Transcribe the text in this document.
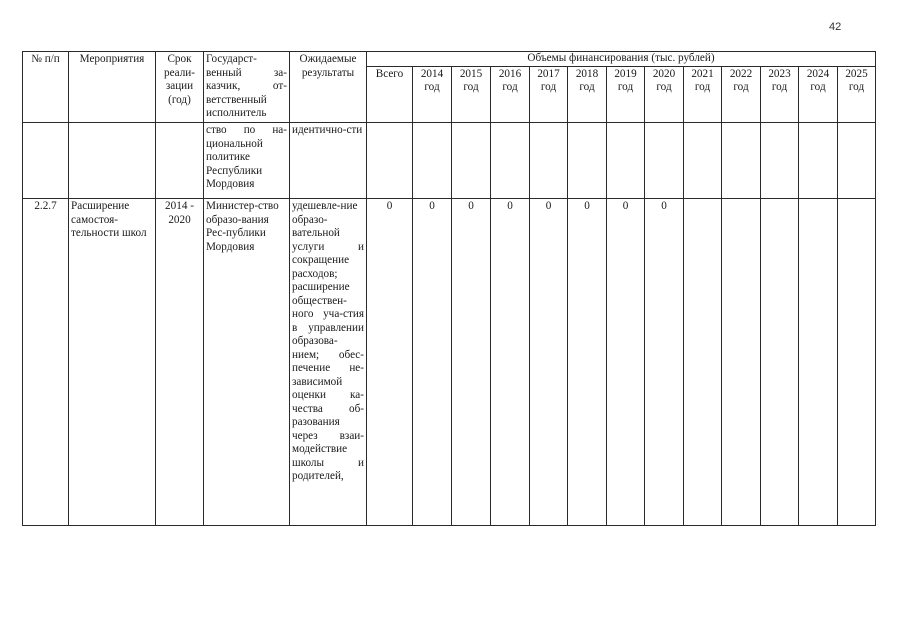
42
№ п/п	Мероприятия	Срок реали-зации (год)	Государст-венный за-казчик, от-ветственный исполнитель	Ожидаемые результаты	Объемы финансирования (тыс. рублей)												
					Всего	2014 год	2015 год	2016 год	2017 год	2018 год	2019 год	2020 год	2021 год	2022 год	2023 год	2024 год	2025 год
			ство по на-циональной политике Республики Мордовия	идентично-сти													
2.2.7	Расширение самостоя-тельности школ	2014 - 2020	Министер-ство образо-вания Рес-публики Мордовия	удешевле-ние образо-вательной услуги и сокращение расходов; расширение обществен-ного уча-стия в управлении образова-нием; обес-печение не-зависимой оценки ка-чества об-разования через взаи-модействие школы и родителей,	0	0	0	0	0	0	0	0					
